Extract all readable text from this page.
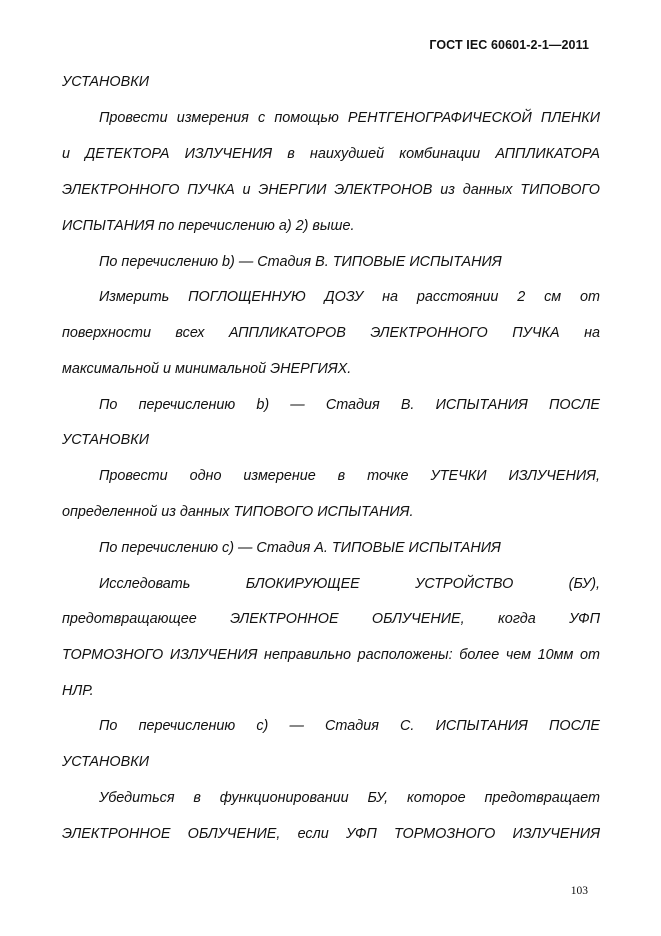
ГОСТ IEC 60601-2-1—2011
УСТАНОВКИ
Провести измерения с помощью РЕНТГЕНОГРАФИЧЕСКОЙ ПЛЕНКИ
и ДЕТЕКТОРА ИЗЛУЧЕНИЯ в наихудшей комбинации АППЛИКАТОРА
ЭЛЕКТРОННОГО ПУЧКА и ЭНЕРГИИ ЭЛЕКТРОНОВ из данных ТИПОВОГО
ИСПЫТАНИЯ по перечислению а) 2) выше.
По перечислению b) — Стадия В. ТИПОВЫЕ ИСПЫТАНИЯ
Измерить ПОГЛОЩЕННУЮ ДОЗУ на расстоянии 2 см от
поверхности всех АППЛИКАТОРОВ ЭЛЕКТРОННОГО ПУЧКА на
максимальной и минимальной ЭНЕРГИЯХ.
По перечислению b) — Стадия В. ИСПЫТАНИЯ ПОСЛЕ
УСТАНОВКИ
Провести одно измерение в точке УТЕЧКИ ИЗЛУЧЕНИЯ,
определенной из данных ТИПОВОГО ИСПЫТАНИЯ.
По перечислению с) — Стадия А. ТИПОВЫЕ ИСПЫТАНИЯ
Исследовать БЛОКИРУЮЩЕЕ УСТРОЙСТВО (БУ),
предотвращающее ЭЛЕКТРОННОЕ ОБЛУЧЕНИЕ, когда УФП
ТОРМОЗНОГО ИЗЛУЧЕНИЯ неправильно расположены: более чем 10мм от
НЛР.
По перечислению с) — Стадия С. ИСПЫТАНИЯ ПОСЛЕ
УСТАНОВКИ
Убедиться в функционировании БУ, которое предотвращает
ЭЛЕКТРОННОЕ ОБЛУЧЕНИЕ, если УФП ТОРМОЗНОГО ИЗЛУЧЕНИЯ
103
